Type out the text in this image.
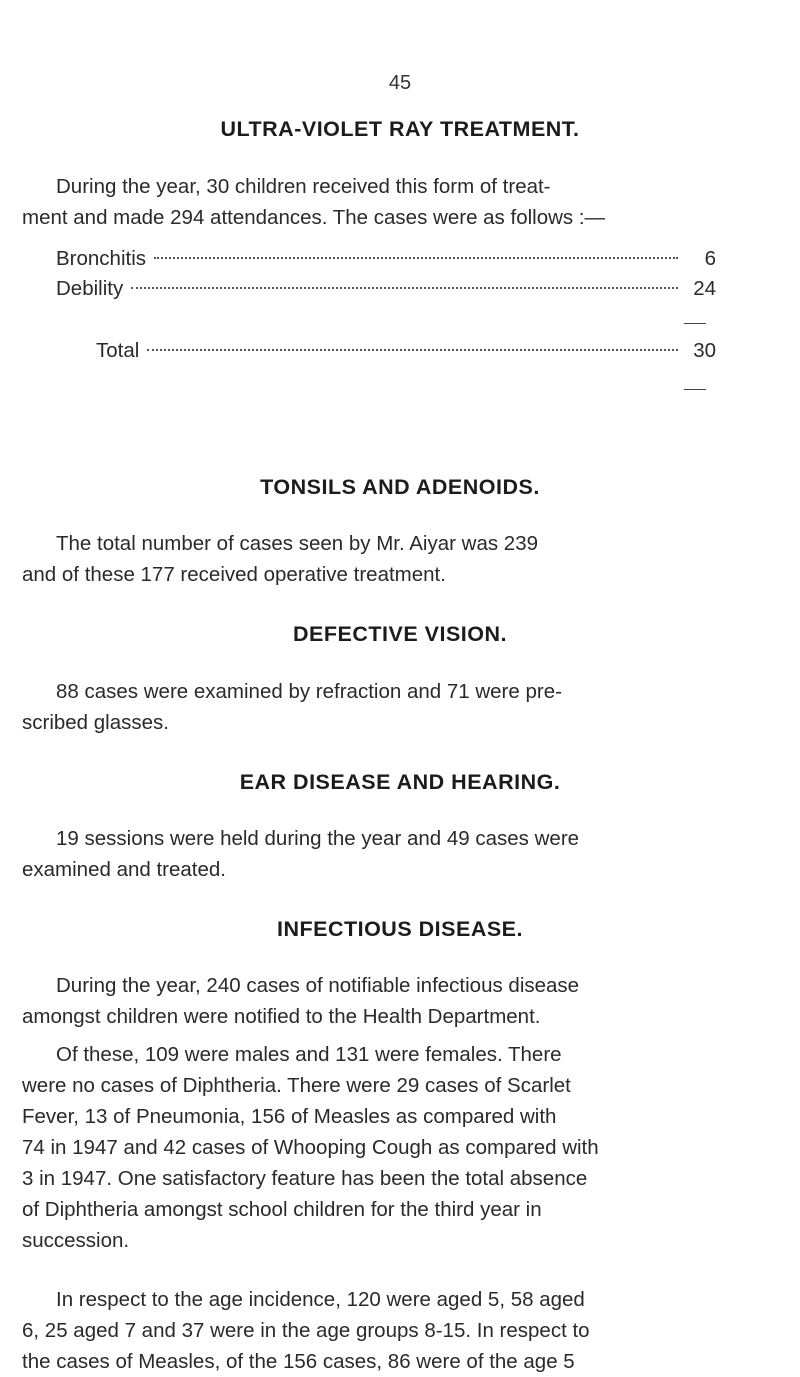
45
ULTRA-VIOLET RAY TREATMENT.
During the year, 30 children received this form of treat-
ment and made 294 attendances. The cases were as follows :—
Bronchitis	6
Debility	24
Total	30
TONSILS AND ADENOIDS.
The total number of cases seen by Mr. Aiyar was 239
and of these 177 received operative treatment.
DEFECTIVE VISION.
88 cases were examined by refraction and 71 were pre-
scribed glasses.
EAR DISEASE AND HEARING.
19 sessions were held during the year and 49 cases were
examined and treated.
INFECTIOUS DISEASE.
During the year, 240 cases of notifiable infectious disease
amongst children were notified to the Health Department.
Of these, 109 were males and 131 were females. There
were no cases of Diphtheria. There were 29 cases of Scarlet
Fever, 13 of Pneumonia, 156 of Measles as compared with
74 in 1947 and 42 cases of Whooping Cough as compared with
3 in 1947. One satisfactory feature has been the total absence
of Diphtheria amongst school children for the third year in
succession.
In respect to the age incidence, 120 were aged 5, 58 aged
6, 25 aged 7 and 37 were in the age groups 8-15. In respect to
the cases of Measles, of the 156 cases, 86 were of the age 5
